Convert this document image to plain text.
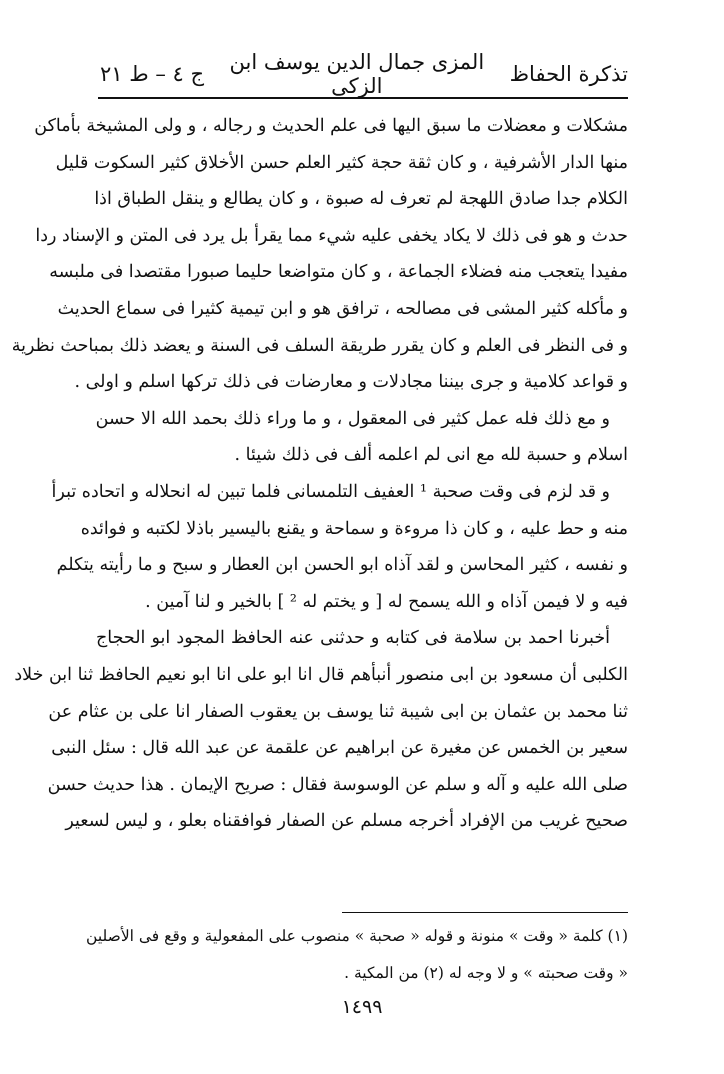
تذكرة الحفاظ
المزى جمال الدين يوسف ابن الزكى
ج ٤ – ط ٢١
مشكلات و معضلات ما سبق اليها فى علم الحديث و رجاله ، و ولى المشيخة بأماكن
منها الدار الأشرفية ، و كان ثقة حجة كثير العلم حسن الأخلاق كثير السكوت قليل
الكلام جدا صادق اللهجة لم تعرف له صبوة ، و كان يطالع و ينقل الطباق اذا
حدث و هو فى ذلك لا يكاد يخفى عليه شيء مما يقرأ بل يرد فى المتن و الإسناد ردا
مفيدا يتعجب منه فضلاء الجماعة ، و كان متواضعا حليما صبورا مقتصدا فى ملبسه
و مأكله كثير المشى فى مصالحه ، ترافق هو و ابن تيمية كثيرا فى سماع الحديث
و فى النظر فى العلم و كان يقرر طريقة السلف فى السنة و يعضد ذلك بمباحث نظرية
و قواعد كلامية و جرى بيننا مجادلات و معارضات فى ذلك تركها اسلم و اولى .
و مع ذلك فله عمل كثير فى المعقول ، و ما وراء ذلك بحمد الله الا حسن
اسلام و حسبة لله مع انى لم اعلمه ألف فى ذلك شيئا .
و قد لزم فى وقت صحبة ¹ العفيف التلمسانى فلما تبين له انحلاله و اتحاده تبرأ
منه و حط عليه ، و كان ذا مروءة و سماحة و يقنع باليسير باذلا لكتبه و فوائده
و نفسه ، كثير المحاسن و لقد آذاه ابو الحسن ابن العطار و سبح و ما رأيته يتكلم
فيه و لا فيمن آذاه و الله يسمح له [ و يختم له ² ] بالخير و لنا آمين .
أخبرنا احمد بن سلامة فى كتابه و حدثنى عنه الحافظ المجود ابو الحجاج
الكلبى أن مسعود بن ابى منصور أنبأهم قال انا ابو على انا ابو نعيم الحافظ ثنا ابن خلاد
ثنا محمد بن عثمان بن ابى شيبة ثنا يوسف بن يعقوب الصفار انا على بن عثام عن
سعير بن الخمس عن مغيرة عن ابراهيم عن علقمة عن عبد الله قال : سئل النبى
صلى الله عليه و آله و سلم عن الوسوسة فقال : صريح الإيمان . هذا حديث حسن
صحيح غريب من الإفراد أخرجه مسلم عن الصفار فوافقناه بعلو ، و ليس لسعير
(١) كلمة « وقت » منونة و قوله « صحبة » منصوب على المفعولية و وقع فى الأصلين
« وقت صحبته » و لا وجه له (٢) من المكية .
١٤٩٩
